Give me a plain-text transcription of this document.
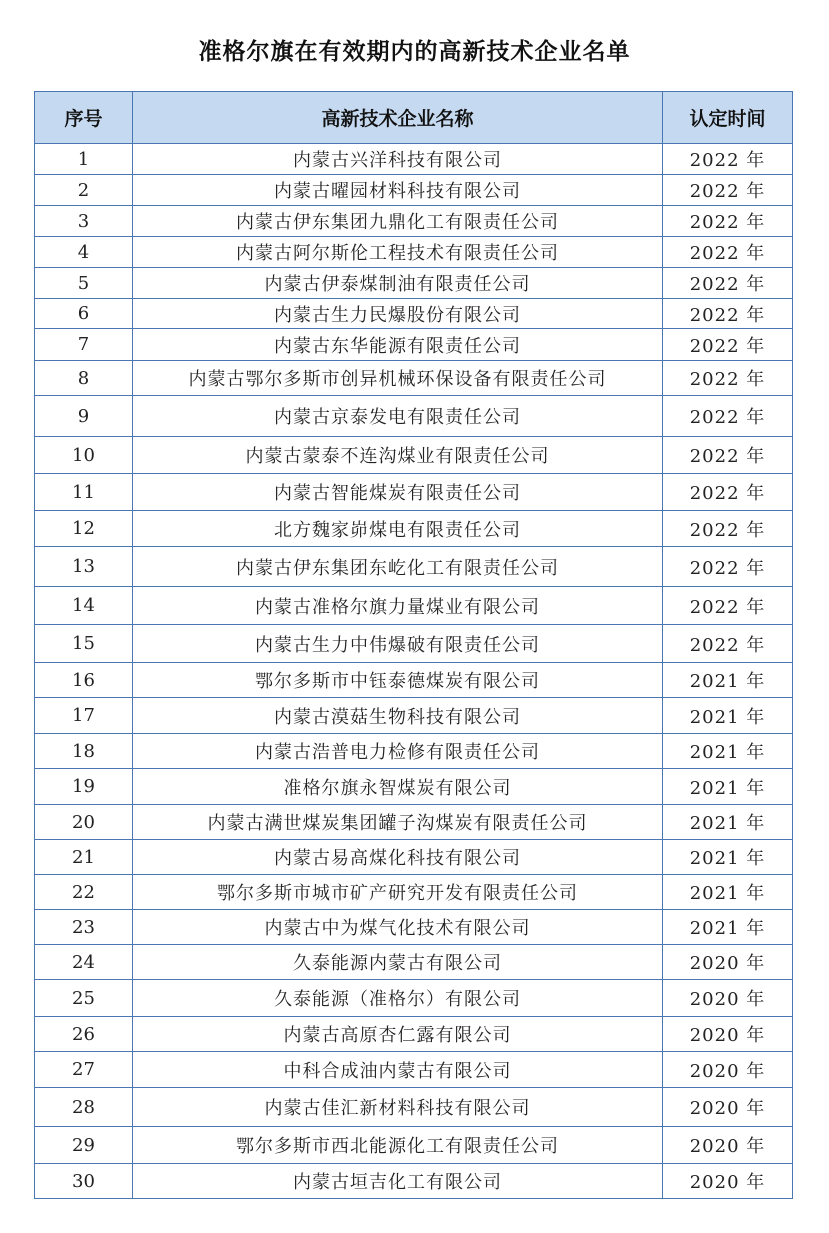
准格尔旗在有效期内的高新技术企业名单
序号	高新技术企业名称	认定时间
1	内蒙古兴洋科技有限公司	2022 年
2	内蒙古曜园材料科技有限公司	2022 年
3	内蒙古伊东集团九鼎化工有限责任公司	2022 年
4	内蒙古阿尔斯伦工程技术有限责任公司	2022 年
5	内蒙古伊泰煤制油有限责任公司	2022 年
6	内蒙古生力民爆股份有限公司	2022 年
7	内蒙古东华能源有限责任公司	2022 年
8	内蒙古鄂尔多斯市创异机械环保设备有限责任公司	2022 年
9	内蒙古京泰发电有限责任公司	2022 年
10	内蒙古蒙泰不连沟煤业有限责任公司	2022 年
11	内蒙古智能煤炭有限责任公司	2022 年
12	北方魏家峁煤电有限责任公司	2022 年
13	内蒙古伊东集团东屹化工有限责任公司	2022 年
14	内蒙古准格尔旗力量煤业有限公司	2022 年
15	内蒙古生力中伟爆破有限责任公司	2022 年
16	鄂尔多斯市中钰泰德煤炭有限公司	2021 年
17	内蒙古漠菇生物科技有限公司	2021 年
18	内蒙古浩普电力检修有限责任公司	2021 年
19	准格尔旗永智煤炭有限公司	2021 年
20	内蒙古满世煤炭集团罐子沟煤炭有限责任公司	2021 年
21	内蒙古易高煤化科技有限公司	2021 年
22	鄂尔多斯市城市矿产研究开发有限责任公司	2021 年
23	内蒙古中为煤气化技术有限公司	2021 年
24	久泰能源内蒙古有限公司	2020 年
25	久泰能源（准格尔）有限公司	2020 年
26	内蒙古高原杏仁露有限公司	2020 年
27	中科合成油内蒙古有限公司	2020 年
28	内蒙古佳汇新材料科技有限公司	2020 年
29	鄂尔多斯市西北能源化工有限责任公司	2020 年
30	内蒙古垣吉化工有限公司	2020 年
